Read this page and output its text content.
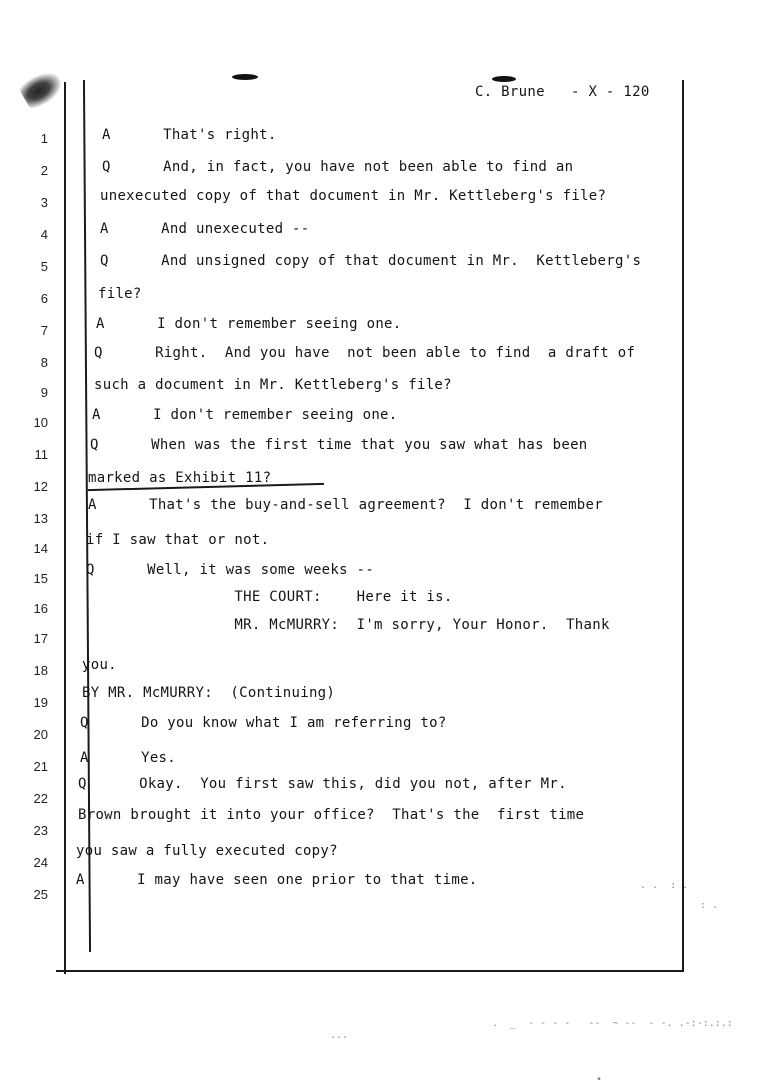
C. Brune   - X - 120
1
2
3
4
5
6
7
8
9
10
11
12
13
14
15
16
17
18
19
20
21
22
23
24
25
A      That's right.
Q      And, in fact, you have not been able to find an
unexecuted copy of that document in Mr. Kettleberg's file?
A      And unexecuted --
Q      And unsigned copy of that document in Mr.  Kettleberg's
file?
A      I don't remember seeing one.
Q      Right.  And you have  not been able to find  a draft of
such a document in Mr. Kettleberg's file?
A      I don't remember seeing one.
Q      When was the first time that you saw what has been
marked as Exhibit 11?
A      That's the buy-and-sell agreement?  I don't remember
if I saw that or not.
Q      Well, it was some weeks --
THE COURT:    Here it is.
MR. McMURRY:  I'm sorry, Your Honor.  Thank
you.
BY MR. McMURRY:  (Continuing)
Q      Do you know what I am referring to?
A      Yes.
Q      Okay.  You first saw this, did you not, after Mr.
Brown brought it into your office?  That's the  first time
you saw a fully executed copy?
A      I may have seen one prior to that time.
.  _  - - - -   --  ~ --  - -. .-:-:.:.:
. .  : .
: .
...
•
